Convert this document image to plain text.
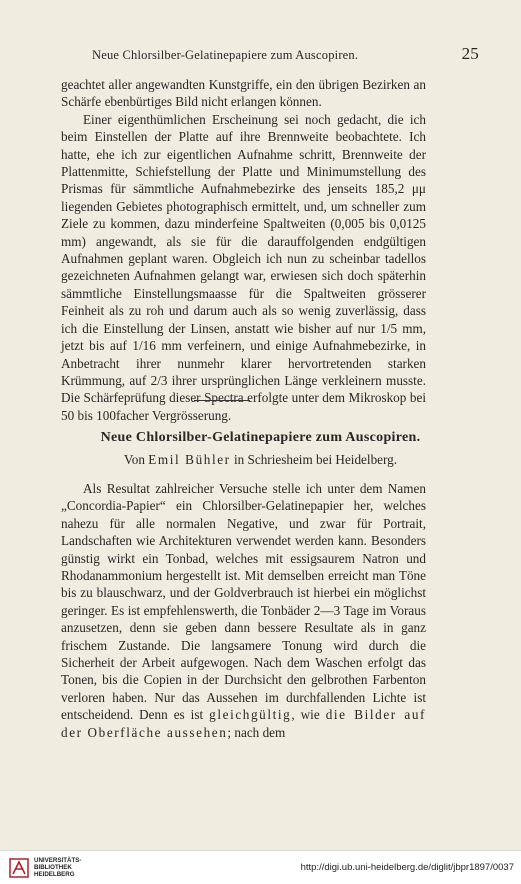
Neue Chlorsilber-Gelatinepapiere zum Auscopiren.	25

geachtet aller angewandten Kunstgriffe, ein den übrigen Bezirken an Schärfe ebenbürtiges Bild nicht erlangen können.

Einer eigenthümlichen Erscheinung sei noch gedacht, die ich beim Einstellen der Platte auf ihre Brennweite beobachtete. Ich hatte, ehe ich zur eigentlichen Aufnahme schritt, Brennweite der Plattenmitte, Schiefstellung der Platte und Minimumstellung des Prismas für sämmtliche Aufnahmebezirke des jenseits 185,2 μμ liegenden Gebietes photographisch ermittelt, und, um schneller zum Ziele zu kommen, dazu minderfeine Spaltweiten (0,005 bis 0,0125 mm) angewandt, als sie für die darauffolgenden endgültigen Aufnahmen geplant waren. Obgleich ich nun zu scheinbar tadellos gezeichneten Aufnahmen gelangt war, erwiesen sich doch späterhin sämmtliche Einstellungsmaasse für die Spaltweiten grösserer Feinheit als zu roh und darum auch als so wenig zuverlässig, dass ich die Einstellung der Linsen, anstatt wie bisher auf nur 1/5 mm, jetzt bis auf 1/16 mm verfeinern, und einige Aufnahmebezirke, in Anbetracht ihrer nunmehr klarer hervortretenden starken Krümmung, auf 2/3 ihrer ursprünglichen Länge verkleinern musste. Die Schärfeprüfung dieser Spectra erfolgte unter dem Mikroskop bei 50 bis 100facher Vergrösserung.

Neue Chlorsilber-Gelatinepapiere zum Auscopiren.
Von Emil Bühler in Schriesheim bei Heidelberg.

Als Resultat zahlreicher Versuche stelle ich unter dem Namen „Concordia-Papier“ ein Chlorsilber-Gelatinepapier her, welches nahezu für alle normalen Negative, und zwar für Portrait, Landschaften wie Architekturen verwendet werden kann. Besonders günstig wirkt ein Tonbad, welches mit essigsaurem Natron und Rhodanammonium hergestellt ist. Mit demselben erreicht man Töne bis zu blauschwarz, und der Goldverbrauch ist hierbei ein möglichst geringer. Es ist empfehlenswerth, die Tonbäder 2—3 Tage im Voraus anzusetzen, denn sie geben dann bessere Resultate als in ganz frischem Zustande. Die langsamere Tonung wird durch die Sicherheit der Arbeit aufgewogen. Nach dem Waschen erfolgt das Tonen, bis die Copien in der Durchsicht den gelbrothen Farbenton verloren haben. Nur das Aussehen im durchfallenden Lichte ist entscheidend. Denn es ist gleichgültig, wie die Bilder auf der Oberfläche aussehen; nach dem

UNIVERSITÄTS-
BIBLIOTHEK
HEIDELBERG
http://digi.ub.uni-heidelberg.de/diglit/jbpr1897/0037
